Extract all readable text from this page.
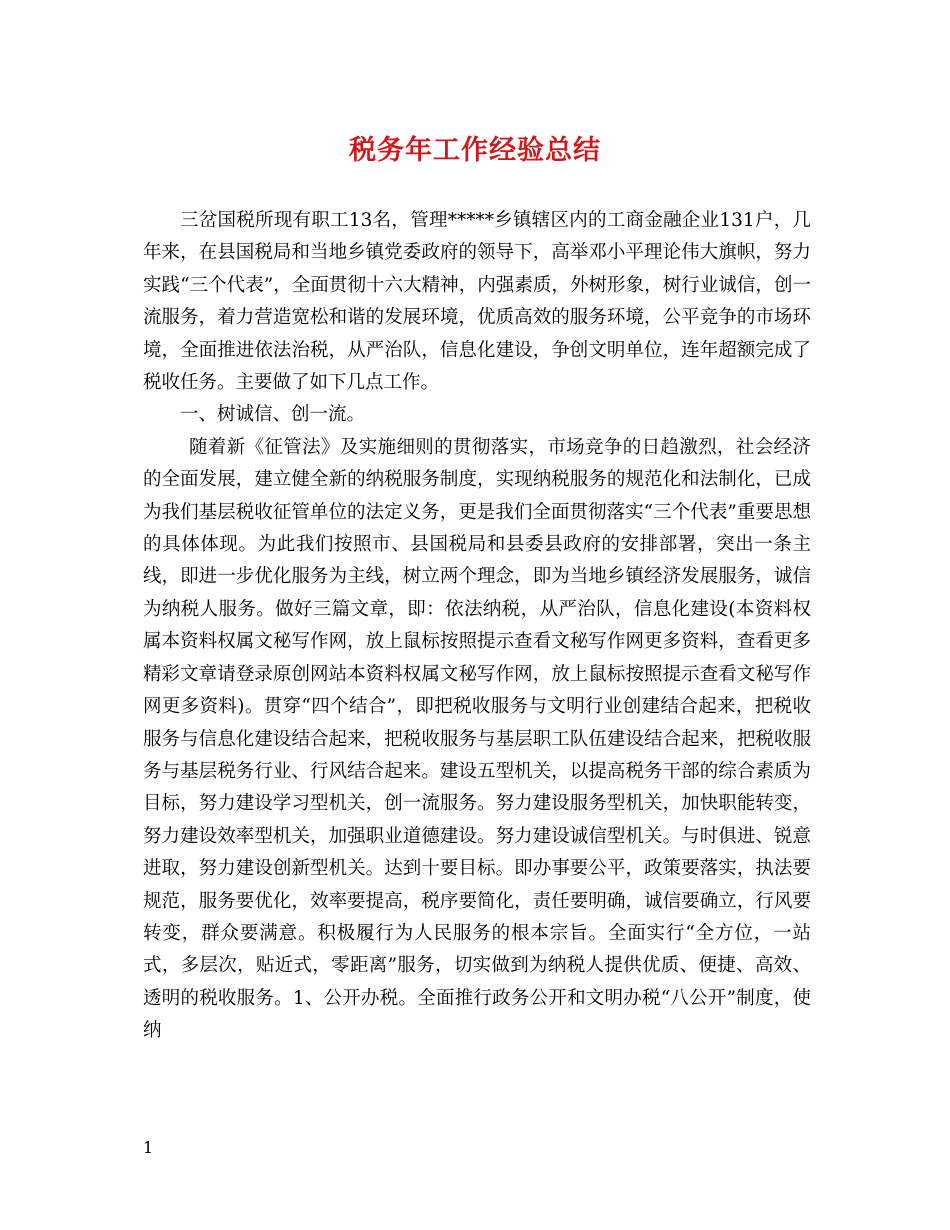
税务年工作经验总结

三岔国税所现有职工13名，管理*****乡镇辖区内的工商金融企业131户，几年来，在县国税局和当地乡镇党委政府的领导下，高举邓小平理论伟大旗帜，努力实践“三个代表”，全面贯彻十六大精神，内强素质，外树形象，树行业诚信，创一流服务，着力营造宽松和谐的发展环境，优质高效的服务环境，公平竞争的市场环境，全面推进依法治税，从严治队，信息化建设，争创文明单位，连年超额完成了税收任务。主要做了如下几点工作。

一、树诚信、创一流。

随着新《征管法》及实施细则的贯彻落实，市场竞争的日趋激烈，社会经济的全面发展，建立健全新的纳税服务制度，实现纳税服务的规范化和法制化，已成为我们基层税收征管单位的法定义务，更是我们全面贯彻落实“三个代表”重要思想的具体体现。为此我们按照市、县国税局和县委县政府的安排部署，突出一条主线，即进一步优化服务为主线，树立两个理念，即为当地乡镇经济发展服务，诚信为纳税人服务。做好三篇文章，即：依法纳税，从严治队，信息化建设(本资料权属本资料权属文秘写作网，放上鼠标按照提示查看文秘写作网更多资料，查看更多精彩文章请登录原创网站本资料权属文秘写作网，放上鼠标按照提示查看文秘写作网更多资料)。贯穿“四个结合”，即把税收服务与文明行业创建结合起来，把税收服务与信息化建设结合起来，把税收服务与基层职工队伍建设结合起来，把税收服务与基层税务行业、行风结合起来。建设五型机关，以提高税务干部的综合素质为目标，努力建设学习型机关，创一流服务。努力建设服务型机关，加快职能转变，努力建设效率型机关，加强职业道德建设。努力建设诚信型机关。与时俱进、锐意进取，努力建设创新型机关。达到十要目标。即办事要公平，政策要落实，执法要规范，服务要优化，效率要提高，税序要简化，责任要明确，诚信要确立，行风要转变，群众要满意。积极履行为人民服务的根本宗旨。全面实行“全方位，一站式，多层次，贴近式，零距离”服务，切实做到为纳税人提供优质、便捷、高效、透明的税收服务。1、公开办税。全面推行政务公开和文明办税“八公开”制度，使纳

1
